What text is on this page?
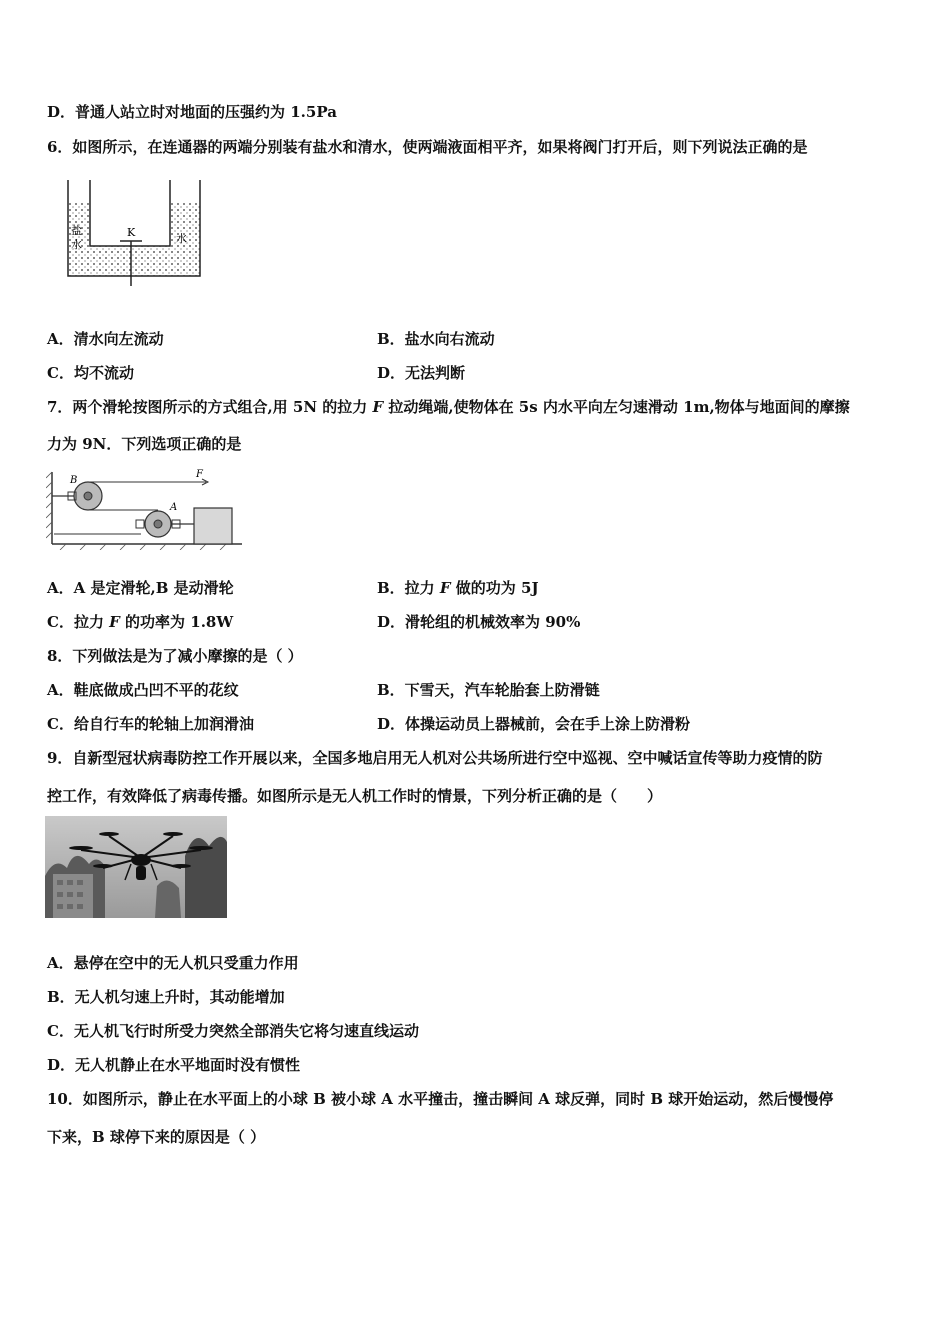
D．普通人站立时对地面的压强约为 1.5Pa
6．如图所示，在连通器的两端分别装有盐水和清水，使两端液面相平齐，如果将阀门打开后，则下列说法正确的是
K
盐
水	水
A．清水向左流动	B．盐水向右流动
C．均不流动	D．无法判断
7．两个滑轮按图所示的方式组合,用 5N 的拉力 F 拉动绳端,使物体在 5s 内水平向左匀速滑动 1m,物体与地面间的摩擦
力为 9N．下列选项正确的是
B
F
A
A．A 是定滑轮,B 是动滑轮	B．拉力 F 做的功为 5J
C．拉力 F 的功率为 1.8W	D．滑轮组的机械效率为 90%
8．下列做法是为了减小摩擦的是（ ）
A．鞋底做成凸凹不平的花纹	B．下雪天，汽车轮胎套上防滑链
C．给自行车的轮轴上加润滑油	D．体操运动员上器械前，会在手上涂上防滑粉
9．自新型冠状病毒防控工作开展以来，全国多地启用无人机对公共场所进行空中巡视、空中喊话宣传等助力疫情的防
控工作，有效降低了病毒传播。如图所示是无人机工作时的情景，下列分析正确的是（　　）
A．悬停在空中的无人机只受重力作用
B．无人机匀速上升时，其动能增加
C．无人机飞行时所受力突然全部消失它将匀速直线运动
D．无人机静止在水平地面时没有惯性
10．如图所示，静止在水平面上的小球 B 被小球 A 水平撞击，撞击瞬间 A 球反弹，同时 B 球开始运动，然后慢慢停
下来，B 球停下来的原因是（ ）
